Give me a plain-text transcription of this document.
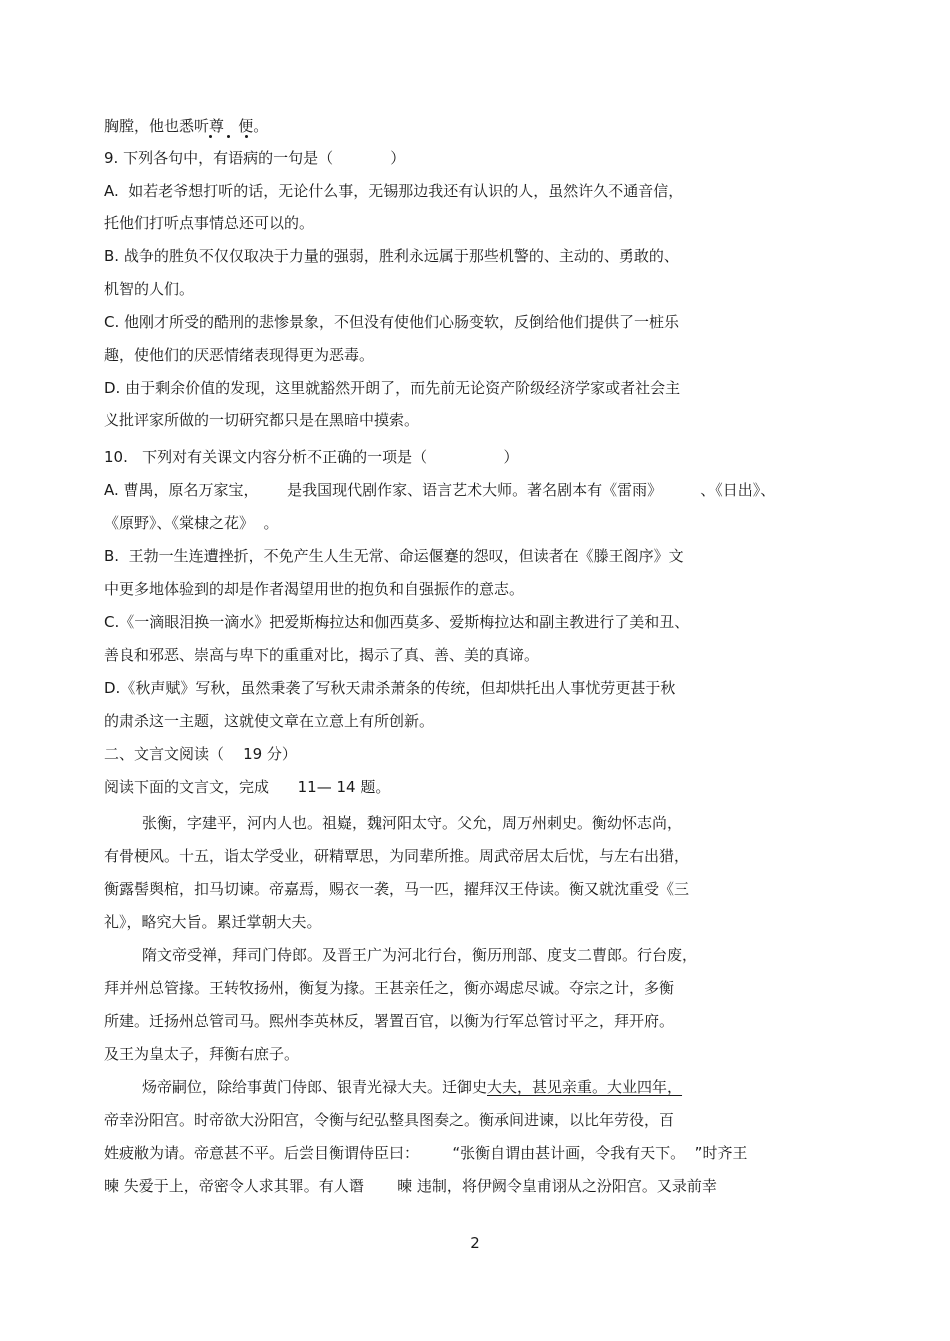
胸膛，他也悉听尊   便。
9. 下列各句中，有语病的一句是（            ）
A.  如若老爷想打听的话，无论什么事，无锡那边我还有认识的人，虽然许久不通音信，
托他们打听点事情总还可以的。
B. 战争的胜负不仅仅取决于力量的强弱，胜利永远属于那些机警的、主动的、勇敢的、
机智的人们。
C. 他刚才所受的酷刑的悲惨景象，不但没有使他们心肠变软，反倒给他们提供了一桩乐
趣，使他们的厌恶情绪表现得更为恶毒。
D. 由于剩余价值的发现，这里就豁然开朗了，而先前无论资产阶级经济学家或者社会主
义批评家所做的一切研究都只是在黑暗中摸索。
10.   下列对有关课文内容分析不正确的一项是（                ）
A. 曹禺，原名万家宝，      是我国现代剧作家、语言艺术大师。著名剧本有《雷雨》        、《日出》、
《原野》、《棠棣之花》  。
B.  王勃一生连遭挫折，不免产生人生无常、命运偃蹇的怨叹，但读者在《滕王阁序》文
中更多地体验到的却是作者渴望用世的抱负和自强振作的意志。
C.《一滴眼泪换一滴水》把爱斯梅拉达和伽西莫多、爱斯梅拉达和副主教进行了美和丑、
善良和邪恶、崇高与卑下的重重对比，揭示了真、善、美的真谛。
D.《秋声赋》写秋，虽然秉袭了写秋天肃杀萧条的传统，但却烘托出人事忧劳更甚于秋
的肃杀这一主题，这就使文章在立意上有所创新。
二、文言文阅读（    19 分）
阅读下面的文言文，完成      11— 14 题。
张衡，字建平，河内人也。祖嶷，魏河阳太守。父允，周万州刺史。衡幼怀志尚，
有骨梗风。十五，诣太学受业，研精覃思，为同辈所推。周武帝居太后忧，与左右出猎，
衡露髻舆棺，扣马切谏。帝嘉焉，赐衣一袭，马一匹，擢拜汉王侍读。衡又就沈重受《三
礼》，略究大旨。累迁掌朝大夫。
隋文帝受禅，拜司门侍郎。及晋王广为河北行台，衡历刑部、度支二曹郎。行台废，
拜并州总管掾。王转牧扬州，衡复为掾。王甚亲任之，衡亦竭虑尽诚。夺宗之计，多衡
所建。迁扬州总管司马。熙州李英林反，署置百官，以衡为行军总管讨平之，拜开府。
及王为皇太子，拜衡右庶子。
炀帝嗣位，除给事黄门侍郎、银青光禄大夫。迁御史大夫，甚见亲重。大业四年，
帝幸汾阳宫。时帝欲大汾阳宫，令衡与纪弘整具图奏之。衡承间进谏，以比年劳役，百
姓疲敝为请。帝意甚不平。后尝目衡谓侍臣曰：       “张衡自谓由甚计画，令我有天下。  ”时齐王
暕 失爱于上，帝密令人求其罪。有人谮       暕 违制，将伊阙令皇甫诩从之汾阳宫。又录前幸
2
